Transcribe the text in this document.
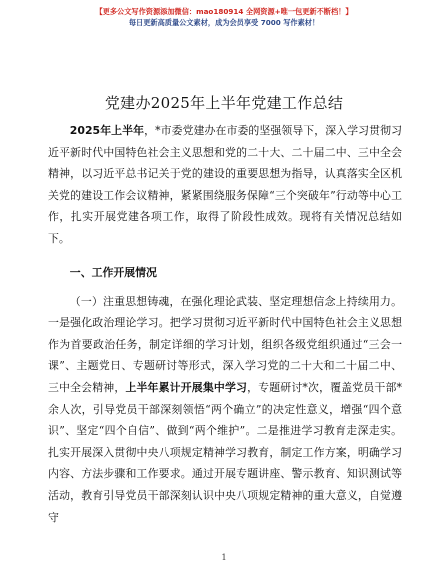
【更多公文写作资源添加微信：mao180914 全网资源+唯一包更新不断档！】
每日更新高质量公文素材，成为会员享受 7000 写作素材！
党建办2025年上半年党建工作总结

2025年上半年，*市委党建办在市委的坚强领导下，深入学习贯彻习近平新时代中国特色社会主义思想和党的二十大、二十届二中、三中全会精神，以习近平总书记关于党的建设的重要思想为指导，认真落实全区机关党的建设工作会议精神，紧紧围绕服务保障“三个突破年”行动等中心工作，扎实开展党建各项工作，取得了阶段性成效。现将有关情况总结如下。

一、工作开展情况

（一）注重思想铸魂，在强化理论武装、坚定理想信念上持续用力。一是强化政治理论学习。把学习贯彻习近平新时代中国特色社会主义思想作为首要政治任务，制定详细的学习计划，组织各级党组织通过“三会一课”、主题党日、专题研讨等形式，深入学习党的二十大和二十届二中、三中全会精神，上半年累计开展集中学习，专题研讨*次，覆盖党员干部*余人次，引导党员干部深刻领悟“两个确立”的决定性意义，增强“四个意识”、坚定“四个自信”、做到“两个维护”。二是推进学习教育走深走实。扎实开展深入贯彻中央八项规定精神学习教育，制定工作方案，明确学习内容、方法步骤和工作要求。通过开展专题讲座、警示教育、知识测试等活动，教育引导党员干部深刻认识中央八项规定精神的重大意义，自觉遵守

1
